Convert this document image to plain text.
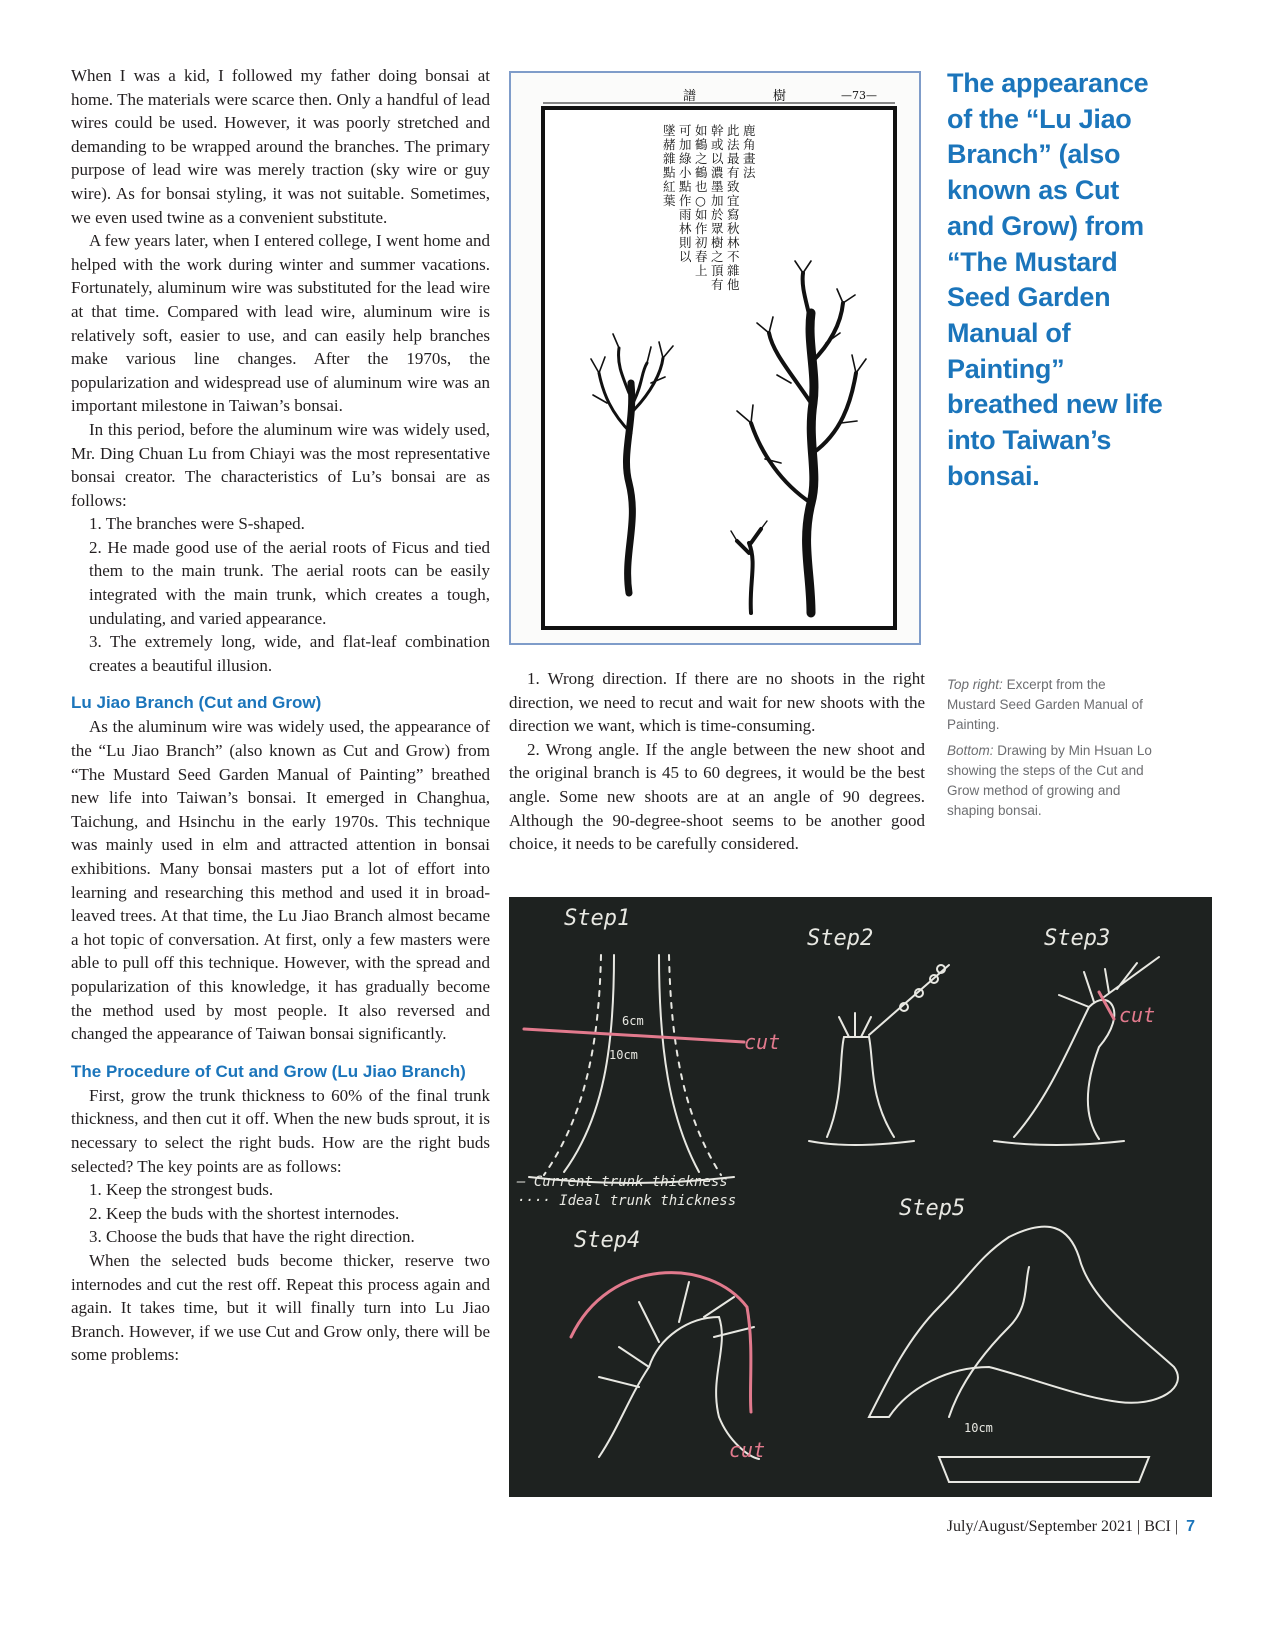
When I was a kid, I followed my father doing bonsai at home. The materials were scarce then. Only a handful of lead wires could be used. However, it was poorly stretched and demanding to be wrapped around the branches. The primary purpose of lead wire was merely traction (sky wire or guy wire). As for bonsai styling, it was not suitable. Sometimes, we even used twine as a convenient substitute.

A few years later, when I entered college, I went home and helped with the work during winter and summer vacations. Fortunately, aluminum wire was substituted for the lead wire at that time. Compared with lead wire, aluminum wire is relatively soft, easier to use, and can easily help branches make various line changes. After the 1970s, the popularization and widespread use of aluminum wire was an important milestone in Taiwan’s bonsai.

In this period, before the aluminum wire was widely used, Mr. Ding Chuan Lu from Chiayi was the most representative bonsai creator. The characteristics of Lu’s bonsai are as follows:

1. The branches were S-shaped.

2. He made good use of the aerial roots of Ficus and tied them to the main trunk. The aerial roots can be easily integrated with the main trunk, which creates a tough, undulating, and varied appearance.

3. The extremely long, wide, and flat-leaf combination creates a beautiful illusion.

Lu Jiao Branch (Cut and Grow)

As the aluminum wire was widely used, the appearance of the “Lu Jiao Branch” (also known as Cut and Grow) from “The Mustard Seed Garden Manual of Painting” breathed new life into Taiwan’s bonsai. It emerged in Changhua, Taichung, and Hsinchu in the early 1970s. This technique was mainly used in elm and attracted attention in bonsai exhibitions. Many bonsai masters put a lot of effort into learning and researching this method and used it in broad-leaved trees. At that time, the Lu Jiao Branch almost became a hot topic of conversation. At first, only a few masters were able to pull off this technique. However, with the spread and popularization of this knowledge, it has gradually become the method used by most people. It also reversed and changed the appearance of Taiwan bonsai significantly.

The Procedure of Cut and Grow (Lu Jiao Branch)

First, grow the trunk thickness to 60% of the final trunk thickness, and then cut it off. When the new buds sprout, it is necessary to select the right buds. How are the right buds selected? The key points are as follows:

1. Keep the strongest buds.

2. Keep the buds with the shortest internodes.

3. Choose the buds that have the right direction.

When the selected buds become thicker, reserve two internodes and cut the rest off. Repeat this process again and again. It takes time, but it will finally turn into Lu Jiao Branch. However, if we use Cut and Grow only, there will be some problems:

譜	樹	—73—
鹿
角
畫
法
此
法
最
有
致
宜
寫
秋
林
不
雜
他
幹
或
以
濃
墨
加
於
眾
樹
之
頂
有
如
鶴
之
鶴
也
○
如
作
初
春
上
可
加
綠
小
點
作
雨
林
則
以
墜
赭
雜
點
紅
葉
The appearance of the “Lu Jiao Branch” (also known as Cut and Grow) from “The Mustard Seed Garden Manual of Painting” breathed new life into Taiwan’s bonsai.

1. Wrong direction. If there are no shoots in the right direction, we need to recut and wait for new shoots with the direction we want, which is time-consuming.

2. Wrong angle. If the angle between the new shoot and the original branch is 45 to 60 degrees, it would be the best angle. Some new shoots are at an angle of 90 degrees. Although the 90-degree-shoot seems to be another good choice, it needs to be carefully considered.

Top right: Excerpt from the Mustard Seed Garden Manual of Painting.

Bottom: Drawing by Min Hsuan Lo showing the steps of the Cut and Grow method of growing and shaping bonsai.

Step1
Step2	Step3
Step4
Step5
cut
cut
cut
6cm
10cm
10cm
— Current trunk thickness
···· Ideal trunk thickness
July/August/September 2021 | BCI | 7
